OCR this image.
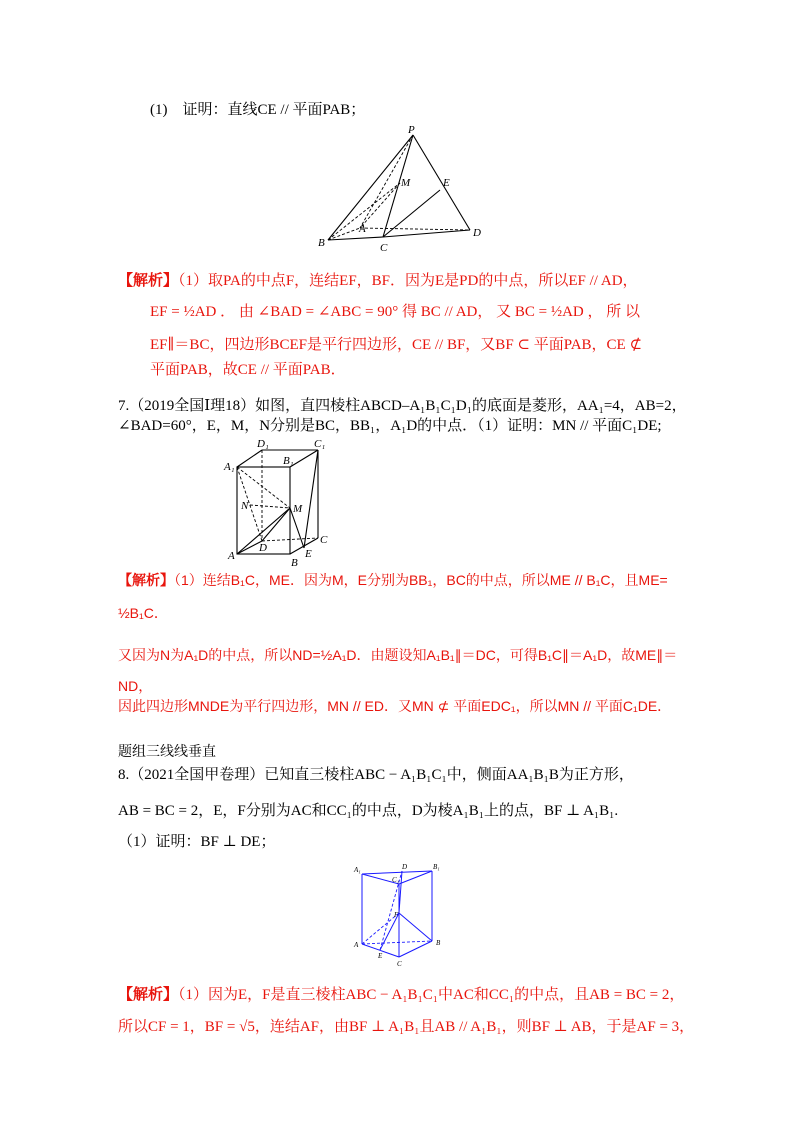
(1)　证明：直线CE // 平面PAB；
P
M	E
A
B	C
D
【解析】（1）取PA的中点F，连结EF，BF．因为E是PD的中点，所以EF // AD，
EF = ½AD ． 由 ∠BAD = ∠ABC = 90° 得 BC // AD， 又 BC = ½AD ， 所 以
EF∥＝BC，四边形BCEF是平行四边形，CE // BF，又BF ⊂ 平面PAB，CE ⊄
平面PAB，故CE // 平面PAB．
7.（2019全国Ⅰ理18）如图，直四棱柱ABCD–A₁B₁C₁D₁的底面是菱形，AA₁=4，AB=2，
∠BAD=60°，E，M，N分别是BC，BB₁，A₁D的中点．（1）证明：MN // 平面C₁DE;
D₁	C₁
A₁	B₁
N	M
A
D
B
E
C
【解析】（1）连结B₁C，ME．因为M，E分别为BB₁，BC的中点，所以ME // B₁C，且ME=
½B₁C．
又因为N为A₁D的中点，所以ND=½A₁D．由题设知A₁B₁∥＝DC，可得B₁C∥＝A₁D，故ME∥＝
ND，
因此四边形MNDE为平行四边形，MN // ED．又MN ⊄ 平面EDC₁，所以MN // 平面C₁DE．
题组三线线垂直
8.（2021全国甲卷理）已知直三棱柱ABC − A₁B₁C₁中，侧面AA₁B₁B为正方形，
AB = BC = 2，E，F分别为AC和CC₁的中点，D为棱A₁B₁上的点，BF ⊥ A₁B₁.
（1）证明：BF ⊥ DE；
A₁	D	B₁
C₁
F
A
E
B
C
【解析】（1）因为E，F是直三棱柱ABC − A₁B₁C₁中AC和CC₁的中点，且AB = BC = 2，
所以CF = 1，BF = √5，连结AF，由BF ⊥ A₁B₁且AB // A₁B₁，则BF ⊥ AB，于是AF = 3，
